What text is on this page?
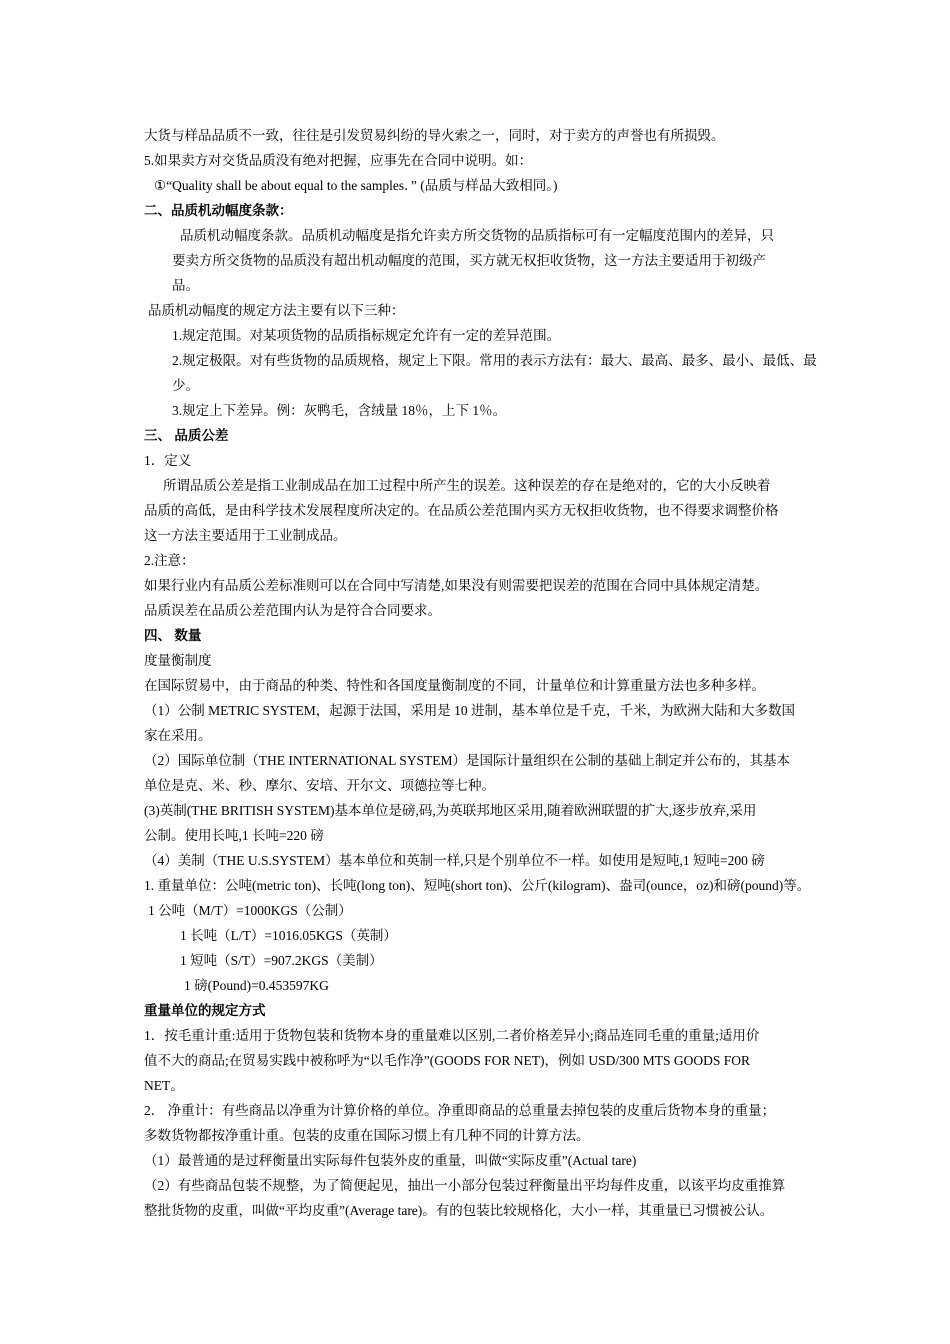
大货与样品品质不一致，往往是引发贸易纠纷的导火索之一，同时，对于卖方的声誉也有所损毁。
5.如果卖方对交货品质没有绝对把握，应事先在合同中说明。如：
①“Quality shall be about equal to the samples．” (品质与样品大致相同。)
二、品质机动幅度条款：
品质机动幅度条款。品质机动幅度是指允许卖方所交货物的品质指标可有一定幅度范围内的差异，只
要卖方所交货物的品质没有超出机动幅度的范围，买方就无权拒收货物，这一方法主要适用于初级产
品。
品质机动幅度的规定方法主要有以下三种：
1.规定范围。对某项货物的品质指标规定允许有一定的差异范围。
2.规定极限。对有些货物的品质规格，规定上下限。常用的表示方法有：最大、最高、最多、最小、最低、最
少。
3.规定上下差异。例：灰鸭毛，含绒量 18％，上下 1％。
三、 品质公差
1．定义
所谓品质公差是指工业制成品在加工过程中所产生的误差。这种误差的存在是绝对的，它的大小反映着
品质的高低，是由科学技术发展程度所决定的。在品质公差范围内买方无权拒收货物，也不得要求调整价格
这一方法主要适用于工业制成品。
2.注意：
如果行业内有品质公差标准则可以在合同中写清楚,如果没有则需要把误差的范围在合同中具体规定清楚。
品质误差在品质公差范围内认为是符合合同要求。
四、 数量
度量衡制度
在国际贸易中，由于商品的种类、特性和各国度量衡制度的不同，计量单位和计算重量方法也多种多样。
（1）公制 METRIC SYSTEM，起源于法国，采用是 10 进制，基本单位是千克，千米，为欧洲大陆和大多数国
家在采用。
（2）国际单位制（THE INTERNATIONAL SYSTEM）是国际计量组织在公制的基础上制定并公布的，其基本
单位是克、米、秒、摩尔、安培、开尔文、项德拉等七种。
(3)英制(THE BRITISH SYSTEM)基本单位是磅,码,为英联邦地区采用,随着欧洲联盟的扩大,逐步放弃,采用
公制。使用长吨,1 长吨=220 磅
（4）美制（THE U.S.SYSTEM）基本单位和英制一样,只是个别单位不一样。如使用是短吨,1 短吨=200 磅
1. 重量单位：公吨(metric ton)、长吨(long ton)、短吨(short ton)、公斤(kilogram)、盎司(ounce，oz)和磅(pound)等。
1 公吨（M/T）=1000KGS（公制）
1 长吨（L/T）=1016.05KGS（英制）
1 短吨（S/T）=907.2KGS（美制）
1 磅(Pound)=0.453597KG
重量单位的规定方式
1．按毛重计重:适用于货物包装和货物本身的重量难以区别,二者价格差异小;商品连同毛重的重量;适用价
值不大的商品;在贸易实践中被称呼为“以毛作净”(GOODS FOR NET)，例如 USD/300 MTS GOODS FOR
NET。
2． 净重计：有些商品以净重为计算价格的单位。净重即商品的总重量去掉包装的皮重后货物本身的重量；
多数货物都按净重计重。包装的皮重在国际习惯上有几种不同的计算方法。
（1）最普通的是过秤衡量出实际每件包装外皮的重量，叫做“实际皮重”(Actual tare)
（2）有些商品包装不规整，为了简便起见，抽出一小部分包装过秤衡量出平均每件皮重，以该平均皮重推算
整批货物的皮重，叫做“平均皮重”(Average tare)。有的包装比较规格化，大小一样，其重量已习惯被公认。
